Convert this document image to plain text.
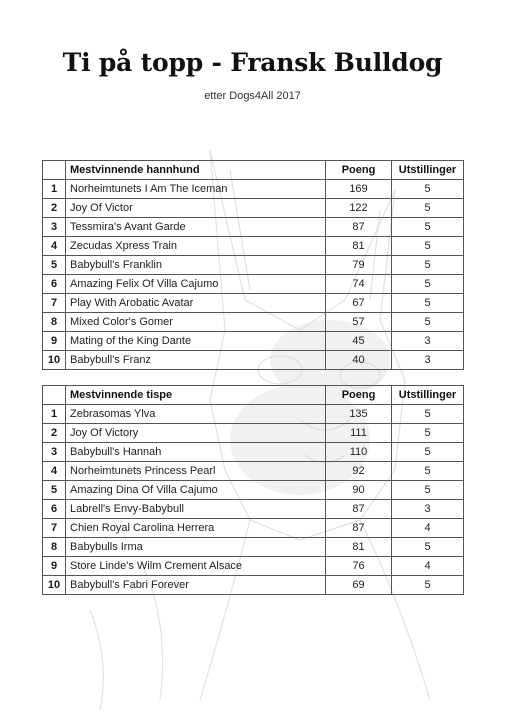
Ti på topp - Fransk Bulldog
etter Dogs4All 2017
	Mestvinnende hannhund	Poeng	Utstillinger
1	Norheimtunets I Am The Iceman	169	5
2	Joy Of Victor	122	5
3	Tessmira's Avant Garde	87	5
4	Zecudas Xpress Train	81	5
5	Babybull's Franklin	79	5
6	Amazing Felix Of Villa Cajumo	74	5
7	Play With Arobatic Avatar	67	5
8	Mixed Color's Gomer	57	5
9	Mating of the King Dante	45	3
10	Babybull's Franz	40	3
	Mestvinnende tispe	Poeng	Utstillinger
1	Zebrasomas Ylva	135	5
2	Joy Of Victory	111	5
3	Babybull's Hannah	110	5
4	Norheimtunets Princess Pearl	92	5
5	Amazing Dina Of Villa Cajumo	90	5
6	Labrell's Envy-Babybull	87	3
7	Chien Royal Carolina Herrera	87	4
8	Babybulls Irma	81	5
9	Store Linde's Wilm Crement Alsace	76	4
10	Babybull's Fabri Forever	69	5
